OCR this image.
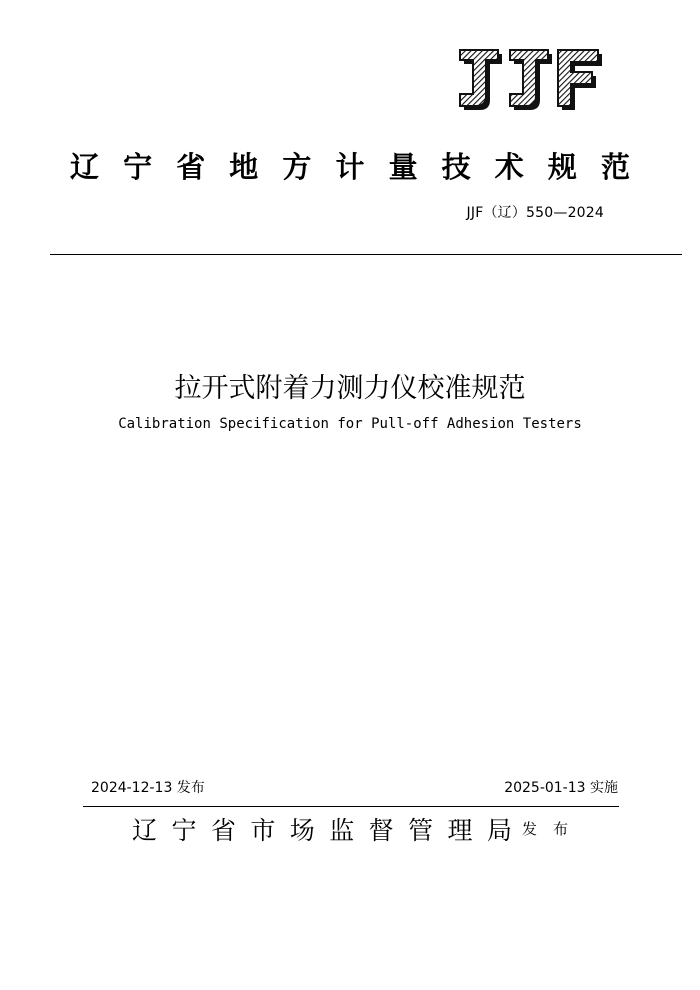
辽 宁 省 地 方 计 量 技 术 规 范
JJF（辽）550—2024
拉开式附着力测力仪校准规范
Calibration Specification for Pull-off Adhesion Testers
2024-12-13 发布	2025-01-13 实施
辽 宁 省 市 场 监 督 管 理 局 发 布
